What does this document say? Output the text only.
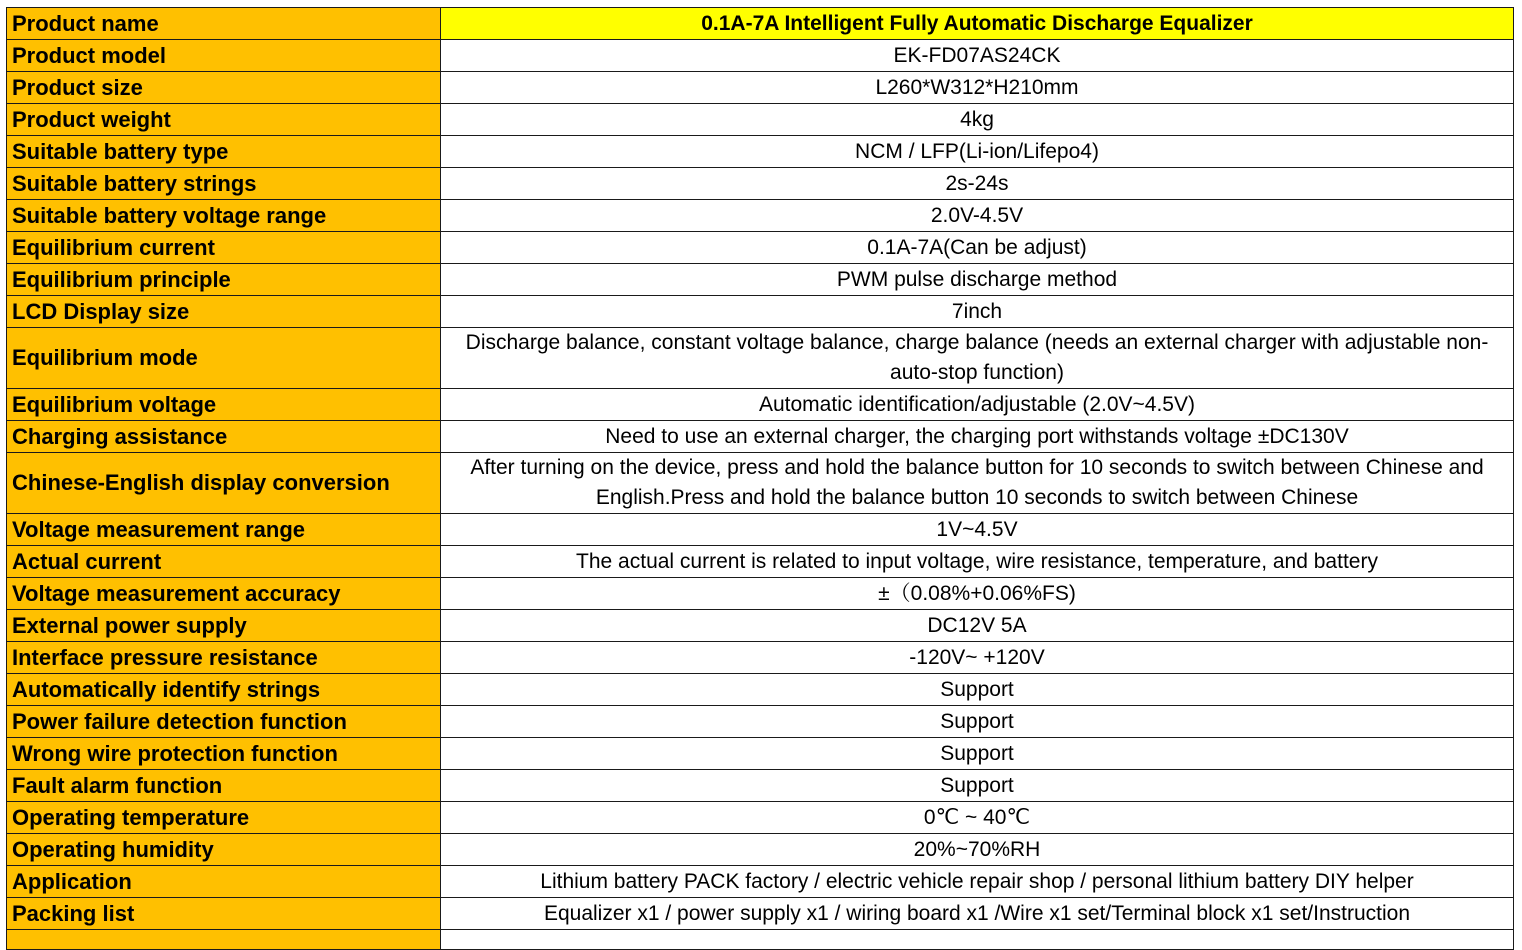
Product name	0.1A-7A Intelligent Fully Automatic Discharge Equalizer
Product model	EK-FD07AS24CK
Product size	L260*W312*H210mm
Product weight	4kg
Suitable battery type	NCM / LFP(Li-ion/Lifepo4)
Suitable battery strings	2s-24s
Suitable battery voltage range	2.0V-4.5V
Equilibrium current	0.1A-7A(Can be adjust)
Equilibrium principle	PWM pulse discharge method
LCD Display size	7inch
Equilibrium mode	Discharge balance, constant voltage balance, charge balance (needs an external charger with adjustable non-auto-stop function)
Equilibrium voltage	Automatic identification/adjustable (2.0V~4.5V)
Charging assistance	Need to use an external charger, the charging port withstands voltage ±DC130V
Chinese-English display conversion	After turning on the device, press and hold the balance button for 10 seconds to switch between Chinese and English.Press and hold the balance button 10 seconds to switch between Chinese

Voltage measurement range	1V~4.5V
Actual current	The actual current is related to input voltage, wire resistance, temperature, and battery
Voltage measurement accuracy	±（0.08%+0.06%FS)
External power supply	DC12V 5A
Interface pressure resistance	-120V~ +120V
Automatically identify strings	Support
Power failure detection function	Support
Wrong wire protection function	Support
Fault alarm function	Support
Operating temperature	0℃ ~ 40℃
Operating humidity	20%~70%RH
Application	Lithium battery PACK factory / electric vehicle repair shop / personal lithium battery DIY helper
Packing list	Equalizer x1 / power supply x1 / wiring board x1 /Wire x1 set/Terminal block x1 set/Instruction
